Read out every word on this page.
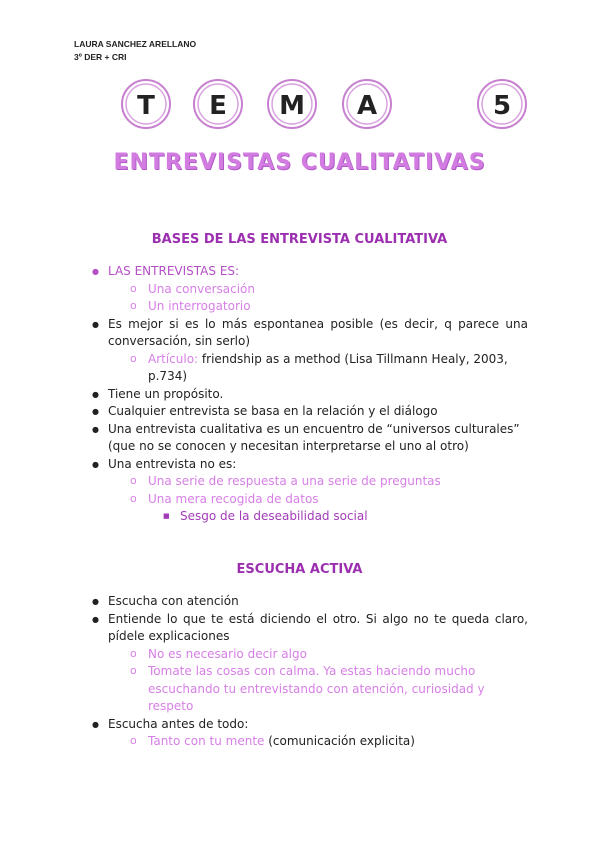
LAURA SANCHEZ ARELLANO
3º DER + CRI
T E M A	5
ENTREVISTAS CUALITATIVAS
BASES DE LAS ENTREVISTA CUALITATIVA
● LAS ENTREVISTAS ES:
o Una conversación
o Un interrogatorio
● Es mejor si es lo más espontanea posible (es decir, q parece una conversación, sin serlo)
o Artículo: friendship as a method (Lisa Tillmann Healy, 2003, p.734)
● Tiene un propósito.
● Cualquier entrevista se basa en la relación y el diálogo
● Una entrevista cualitativa es un encuentro de “universos culturales” (que no se conocen y necesitan interpretarse el uno al otro)
● Una entrevista no es:
o Una serie de respuesta a una serie de preguntas
o Una mera recogida de datos
■ Sesgo de la deseabilidad social
ESCUCHA ACTIVA
● Escucha con atención
● Entiende lo que te está diciendo el otro. Si algo no te queda claro, pídele explicaciones
o No es necesario decir algo
o Tomate las cosas con calma. Ya estas haciendo mucho escuchando tu entrevistando con atención, curiosidad y respeto
● Escucha antes de todo:
o Tanto con tu mente (comunicación explicita)
